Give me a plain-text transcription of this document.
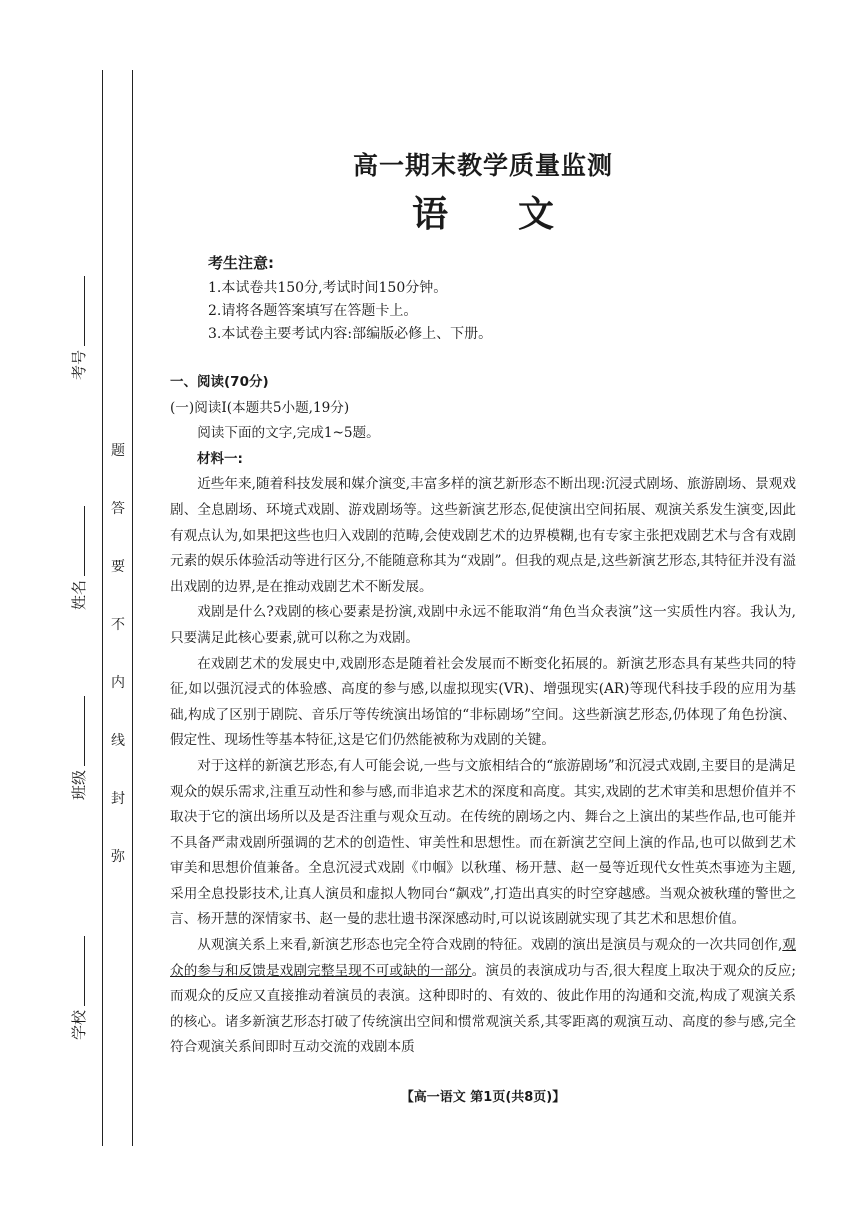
考号
姓名
班级
学校
题
答
要
不
内
线
封
弥
高一期末教学质量监测
语文
考生注意:
1.本试卷共150分,考试时间150分钟。
2.请将各题答案填写在答题卡上。
3.本试卷主要考试内容:部编版必修上、下册。

一、阅读(70分)

(一)阅读Ⅰ(本题共5小题,19分)

阅读下面的文字,完成1~5题。

材料一:

近些年来,随着科技发展和媒介演变,丰富多样的演艺新形态不断出现:沉浸式剧场、旅游剧场、景观戏剧、全息剧场、环境式戏剧、游戏剧场等。这些新演艺形态,促使演出空间拓展、观演关系发生演变,因此有观点认为,如果把这些也归入戏剧的范畴,会使戏剧艺术的边界模糊,也有专家主张把戏剧艺术与含有戏剧元素的娱乐体验活动等进行区分,不能随意称其为“戏剧”。但我的观点是,这些新演艺形态,其特征并没有溢出戏剧的边界,是在推动戏剧艺术不断发展。

戏剧是什么?戏剧的核心要素是扮演,戏剧中永远不能取消“角色当众表演”这一实质性内容。我认为,只要满足此核心要素,就可以称之为戏剧。

在戏剧艺术的发展史中,戏剧形态是随着社会发展而不断变化拓展的。新演艺形态具有某些共同的特征,如以强沉浸式的体验感、高度的参与感,以虚拟现实(VR)、增强现实(AR)等现代科技手段的应用为基础,构成了区别于剧院、音乐厅等传统演出场馆的“非标剧场”空间。这些新演艺形态,仍体现了角色扮演、假定性、现场性等基本特征,这是它们仍然能被称为戏剧的关键。

对于这样的新演艺形态,有人可能会说,一些与文旅相结合的“旅游剧场”和沉浸式戏剧,主要目的是满足观众的娱乐需求,注重互动性和参与感,而非追求艺术的深度和高度。其实,戏剧的艺术审美和思想价值并不取决于它的演出场所以及是否注重与观众互动。在传统的剧场之内、舞台之上演出的某些作品,也可能并不具备严肃戏剧所强调的艺术的创造性、审美性和思想性。而在新演艺空间上演的作品,也可以做到艺术审美和思想价值兼备。全息沉浸式戏剧《巾帼》以秋瑾、杨开慧、赵一曼等近现代女性英杰事迹为主题,采用全息投影技术,让真人演员和虚拟人物同台“飙戏”,打造出真实的时空穿越感。当观众被秋瑾的警世之言、杨开慧的深情家书、赵一曼的悲壮遗书深深感动时,可以说该剧就实现了其艺术和思想价值。

从观演关系上来看,新演艺形态也完全符合戏剧的特征。戏剧的演出是演员与观众的一次共同创作,观众的参与和反馈是戏剧完整呈现不可或缺的一部分。演员的表演成功与否,很大程度上取决于观众的反应;而观众的反应又直接推动着演员的表演。这种即时的、有效的、彼此作用的沟通和交流,构成了观演关系的核心。诸多新演艺形态打破了传统演出空间和惯常观演关系,其零距离的观演互动、高度的参与感,完全符合观演关系间即时互动交流的戏剧本质

【高一语文 第1页(共8页)】
